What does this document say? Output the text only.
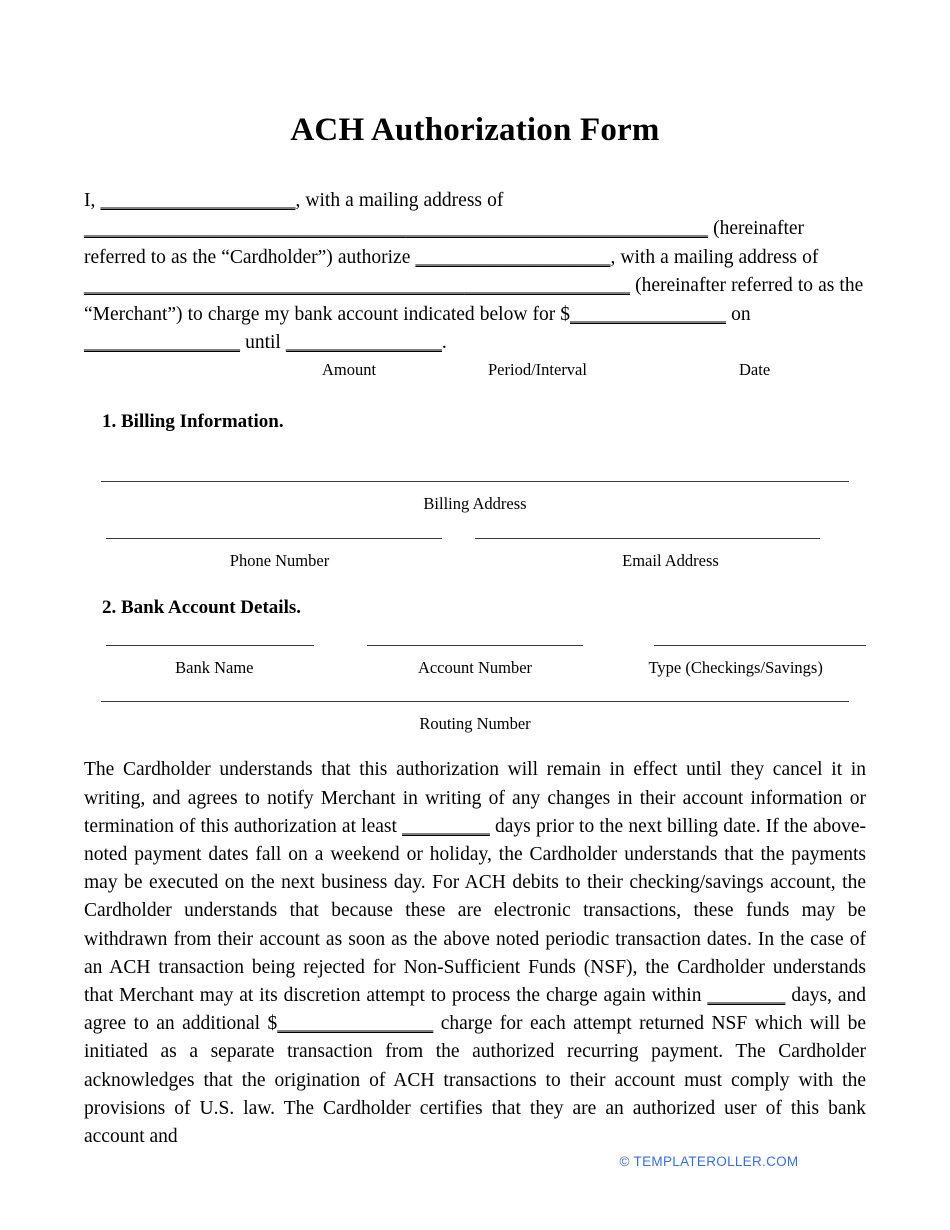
ACH Authorization Form

I, ____________________, with a mailing address of ________________________________________________________________ (hereinafter referred to as the “Cardholder”) authorize ____________________, with a mailing address of ________________________________________________________ (hereinafter referred to as the “Merchant”) to charge my bank account indicated below for $________________ on ________________ until ________________.

Amount	Period/Interval	Date
1. Billing Information.
Billing Address
Phone Number	Email Address
2. Bank Account Details.
Bank Name	Account Number	Type (Checkings/Savings)
Routing Number

The Cardholder understands that this authorization will remain in effect until they cancel it in writing, and agrees to notify Merchant in writing of any changes in their account information or termination of this authorization at least _________ days prior to the next billing date. If the above-noted payment dates fall on a weekend or holiday, the Cardholder understands that the payments may be executed on the next business day. For ACH debits to their checking/savings account, the Cardholder understands that because these are electronic transactions, these funds may be withdrawn from their account as soon as the above noted periodic transaction dates. In the case of an ACH transaction being rejected for Non-Sufficient Funds (NSF), the Cardholder understands that Merchant may at its discretion attempt to process the charge again within ________ days, and agree to an additional $________________ charge for each attempt returned NSF which will be initiated as a separate transaction from the authorized recurring payment. The Cardholder acknowledges that the origination of ACH transactions to their account must comply with the provisions of U.S. law. The Cardholder certifies that they are an authorized user of this bank account and

© TEMPLATEROLLER.COM
